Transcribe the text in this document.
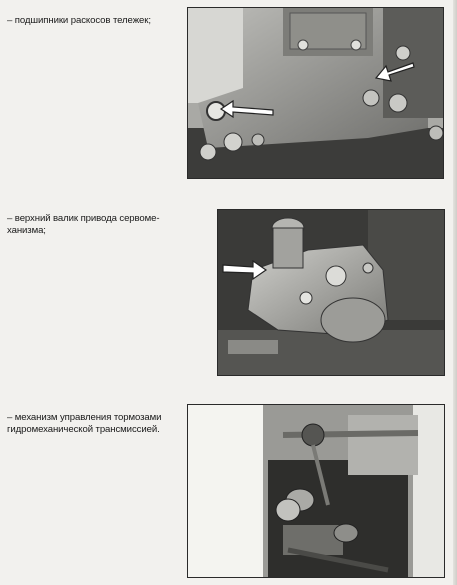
– подшипники раскосов тележек;
– верхний валик привода сервоме-
ханизма;
– механизм управления тормозами
гидромеханической трансмиссией.
